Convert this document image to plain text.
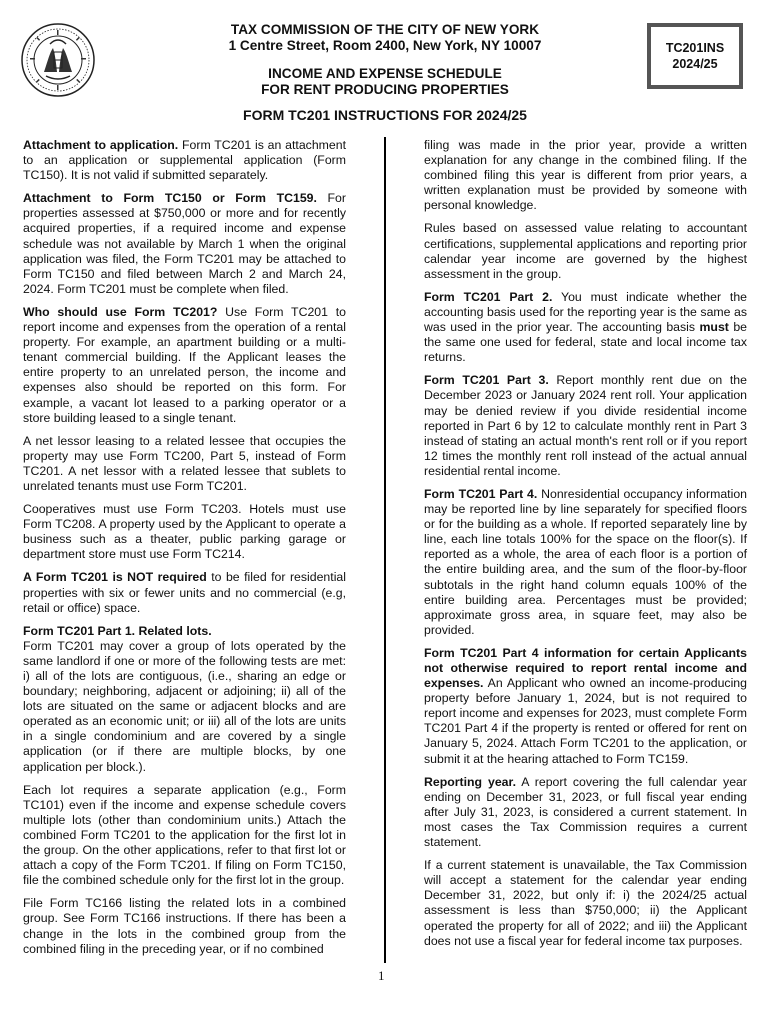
TAX COMMISSION OF THE CITY OF NEW YORK
1 Centre Street, Room 2400, New York, NY 10007
INCOME AND EXPENSE SCHEDULE
FOR RENT PRODUCING PROPERTIES
TC201INS
2024/25
FORM TC201 INSTRUCTIONS FOR 2024/25

Attachment to application. Form TC201 is an attachment to an application or supplemental application (Form TC150). It is not valid if submitted separately.

Attachment to Form TC150 or Form TC159. For properties assessed at $750,000 or more and for recently acquired properties, if a required income and expense schedule was not available by March 1 when the original application was filed, the Form TC201 may be attached to Form TC150 and filed between March 2 and March 24, 2024. Form TC201 must be complete when filed.

Who should use Form TC201? Use Form TC201 to report income and expenses from the operation of a rental property. For example, an apartment building or a multi-tenant commercial building. If the Applicant leases the entire property to an unrelated person, the income and expenses also should be reported on this form. For example, a vacant lot leased to a parking operator or a store building leased to a single tenant.

A net lessor leasing to a related lessee that occupies the property may use Form TC200, Part 5, instead of Form TC201. A net lessor with a related lessee that sublets to unrelated tenants must use Form TC201.

Cooperatives must use Form TC203. Hotels must use Form TC208. A property used by the Applicant to operate a business such as a theater, public parking garage or department store must use Form TC214.

A Form TC201 is NOT required to be filed for residential properties with six or fewer units and no commercial (e.g, retail or office) space.

Form TC201 Part 1. Related lots.
Form TC201 may cover a group of lots operated by the same landlord if one or more of the following tests are met: i) all of the lots are contiguous, (i.e., sharing an edge or boundary; neighboring, adjacent or adjoining; ii) all of the lots are situated on the same or adjacent blocks and are operated as an economic unit; or iii) all of the lots are units in a single condominium and are covered by a single application (or if there are multiple blocks, by one application per block.).

Each lot requires a separate application (e.g., Form TC101) even if the income and expense schedule covers multiple lots (other than condominium units.) Attach the combined Form TC201 to the application for the first lot in the group. On the other applications, refer to that first lot or attach a copy of the Form TC201. If filing on Form TC150, file the combined schedule only for the first lot in the group.

File Form TC166 listing the related lots in a combined group. See Form TC166 instructions. If there has been a change in the lots in the combined group from the combined filing in the preceding year, or if no combined

filing was made in the prior year, provide a written explanation for any change in the combined filing. If the combined filing this year is different from prior years, a written explanation must be provided by someone with personal knowledge.

Rules based on assessed value relating to accountant certifications, supplemental applications and reporting prior calendar year income are governed by the highest assessment in the group.

Form TC201 Part 2. You must indicate whether the accounting basis used for the reporting year is the same as was used in the prior year. The accounting basis must be the same one used for federal, state and local income tax returns.

Form TC201 Part 3. Report monthly rent due on the December 2023 or January 2024 rent roll. Your application may be denied review if you divide residential income reported in Part 6 by 12 to calculate monthly rent in Part 3 instead of stating an actual month's rent roll or if you report 12 times the monthly rent roll instead of the actual annual residential rental income.

Form TC201 Part 4. Nonresidential occupancy information may be reported line by line separately for specified floors or for the building as a whole. If reported separately line by line, each line totals 100% for the space on the floor(s). If reported as a whole, the area of each floor is a portion of the entire building area, and the sum of the floor-by-floor subtotals in the right hand column equals 100% of the entire building area. Percentages must be provided; approximate gross area, in square feet, may also be provided.

Form TC201 Part 4 information for certain Applicants not otherwise required to report rental income and expenses. An Applicant who owned an income-producing property before January 1, 2024, but is not required to report income and expenses for 2023, must complete Form TC201 Part 4 if the property is rented or offered for rent on January 5, 2024. Attach Form TC201 to the application, or submit it at the hearing attached to Form TC159.

Reporting year. A report covering the full calendar year ending on December 31, 2023, or full fiscal year ending after July 31, 2023, is considered a current statement. In most cases the Tax Commission requires a current statement.

If a current statement is unavailable, the Tax Commission will accept a statement for the calendar year ending December 31, 2022, but only if: i) the 2024/25 actual assessment is less than $750,000; ii) the Applicant operated the property for all of 2022; and iii) the Applicant does not use a fiscal year for federal income tax purposes.

1
